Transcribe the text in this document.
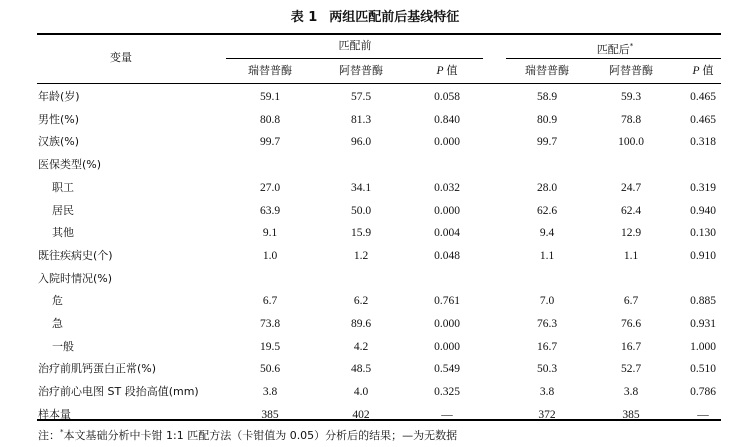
表 1 两组匹配前后基线特征
变量
匹配前	匹配后*
瑞替普酶	阿替普酶	P 值	瑞替普酶	阿替普酶	P 值
年龄(岁)	59.1	57.5	0.058	58.9	59.3	0.465
男性(%)	80.8	81.3	0.840	80.9	78.8	0.465
汉族(%)	99.7	96.0	0.000	99.7	100.0	0.318
医保类型(%)
职工	27.0	34.1	0.032	28.0	24.7	0.319
居民	63.9	50.0	0.000	62.6	62.4	0.940
其他	9.1	15.9	0.004	9.4	12.9	0.130
既往疾病史(个)	1.0	1.2	0.048	1.1	1.1	0.910
入院时情况(%)
危	6.7	6.2	0.761	7.0	6.7	0.885
急	73.8	89.6	0.000	76.3	76.6	0.931
一般	19.5	4.2	0.000	16.7	16.7	1.000
治疗前肌钙蛋白正常(%)	50.6	48.5	0.549	50.3	52.7	0.510
治疗前心电图 ST 段抬高值(mm)	3.8	4.0	0.325	3.8	3.8	0.786
样本量	385	402	—	372	385	—
注：*本文基础分析中卡钳 1:1 匹配方法（卡钳值为 0.05）分析后的结果；—为无数据
